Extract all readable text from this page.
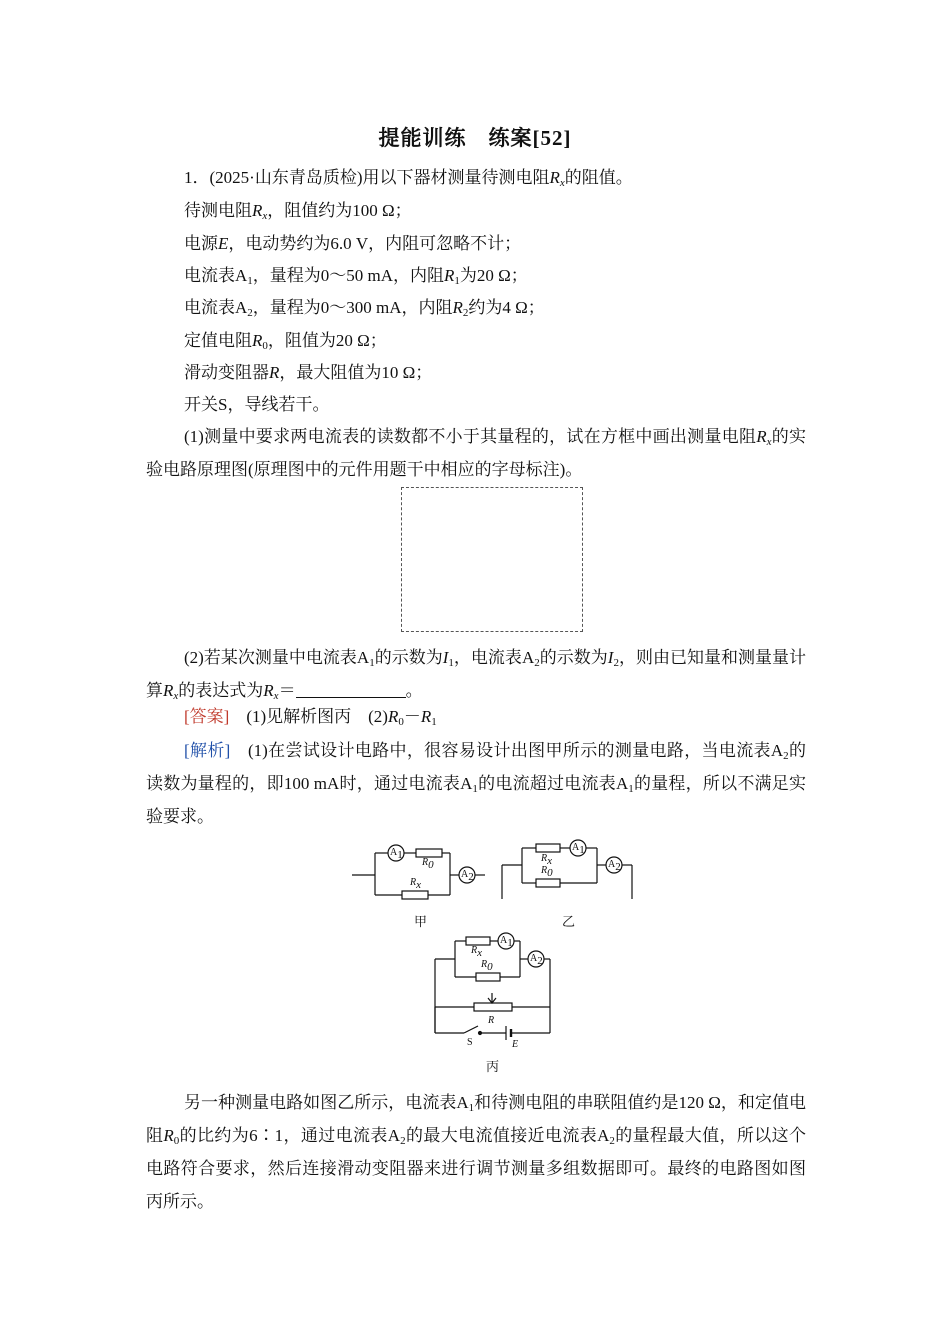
提能训练　练案[52]
1．(2025·山东青岛质检)用以下器材测量待测电阻$R_x$的阻值。
待测电阻$R_x$，阻值约为100 Ω；
电源E，电动势约为6.0 V，内阻可忽略不计；
电流表$A_1$，量程为0～50 mA，内阻$R_1$为20 Ω；
电流表$A_2$，量程为0～300 mA，内阻$R_2$约为4 Ω；
定值电阻$R_0$，阻值为20 Ω；
滑动变阻器R，最大阻值为10 Ω；
开关S，导线若干。
(1)测量中要求两电流表的读数都不小于其量程的，试在方框中画出测量电阻$R_x$的实验电路原理图(原理图中的元件用题干中相应的字母标注)。
(2)若某次测量中电流表$A_1$的示数为$I_1$，电流表$A_2$的示数为$I_2$，则由已知量和测量量计算$R_x$的表达式为$R_x=$	。
[答案]　 (1)见解析图丙　$(2)R_0-R_1$
[解析]　 (1)在尝试设计电路中，很容易设计出图甲所示的测量电路，当电流表$A_2$的读数为量程的，即100 mA时，通过电流表$A_1$的电流超过电流表$A_1$的量程，所以不满足实验要求。
$A_1$
$R_0$
$R_x$
$A_2$
甲
$A_1$
$R_x$
$R_0$
$A_2$
乙
$A_1$
$R_x$
$R_0$
$A_2$
R
S	E
丙
另一种测量电路如图乙所示，电流表$A_1$和待测电阻的串联阻值约是120 Ω，和定值电阻$R_0$的比约为6∶1，通过电流表$A_2$的最大电流值接近电流表$A_2$的量程最大值，所以这个电路符合要求，然后连接滑动变阻器来进行调节测量多组数据即可。最终的电路图如图丙所示。
